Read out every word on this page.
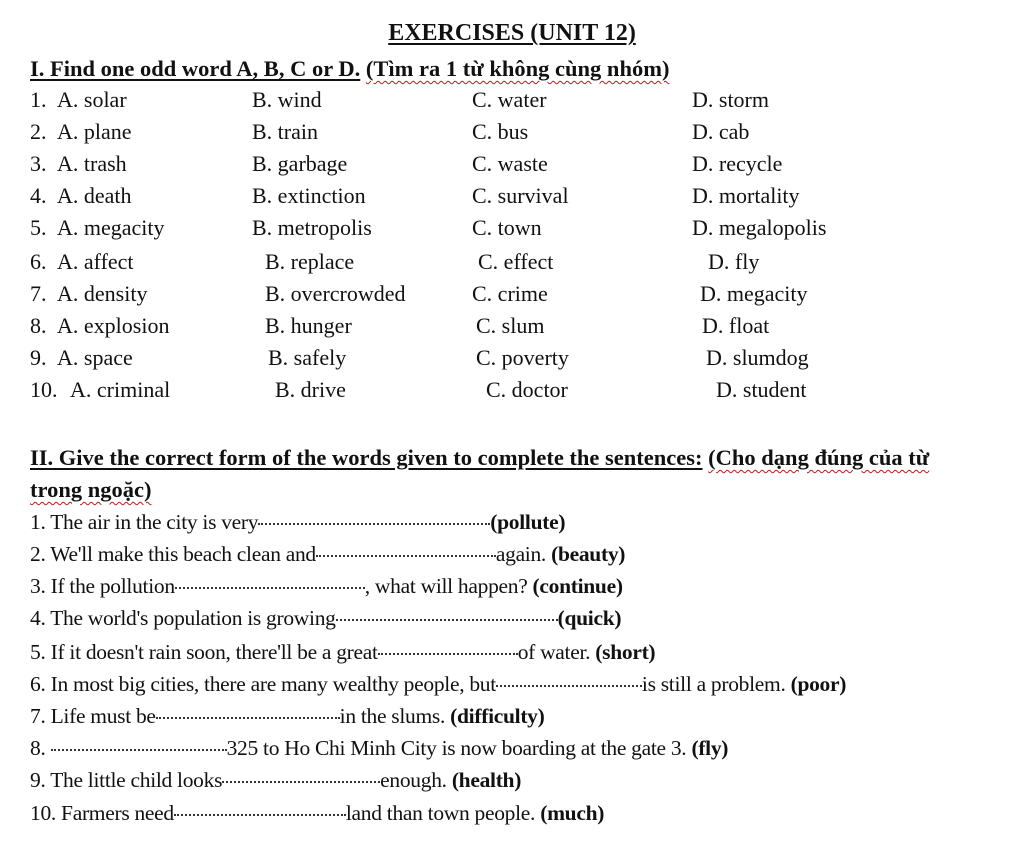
EXERCISES (UNIT 12)
I. Find one odd word A, B, C or D. (Tìm ra 1 từ không cùng nhóm)
1. A. solar	B. wind	C. water	D. storm
2. A. plane	B. train	C. bus	D. cab
3. A. trash	B. garbage	C. waste	D. recycle
4. A. death	B. extinction	C. survival	D. mortality
5. A. megacity	B. metropolis	C. town	D. megalopolis
6. A. affect	B. replace	C. effect	D. fly
7. A. density	B. overcrowded	C. crime	D. megacity
8. A. explosion	B. hunger	C. slum	D. float
9. A. space	B. safely	C. poverty	D. slumdog
10. A. criminal	B. drive	C. doctor	D. student
II. Give the correct form of the words given to complete the sentences: (Cho dạng đúng của từ
trong ngoặc)
1. The air in the city is very	(pollute)
2. We'll make this beach clean and	again. (beauty)
3. If the pollution	, what will happen? (continue)
4. The world's population is growing	(quick)
5. If it doesn't rain soon, there'll be a great	of water. (short)
6. In most big cities, there are many wealthy people, but	is still a problem. (poor)
7. Life must be	in the slums. (difficulty)
8.	325 to Ho Chi Minh City is now boarding at the gate 3. (fly)
9. The little child looks	enough. (health)
10. Farmers need	land than town people. (much)
